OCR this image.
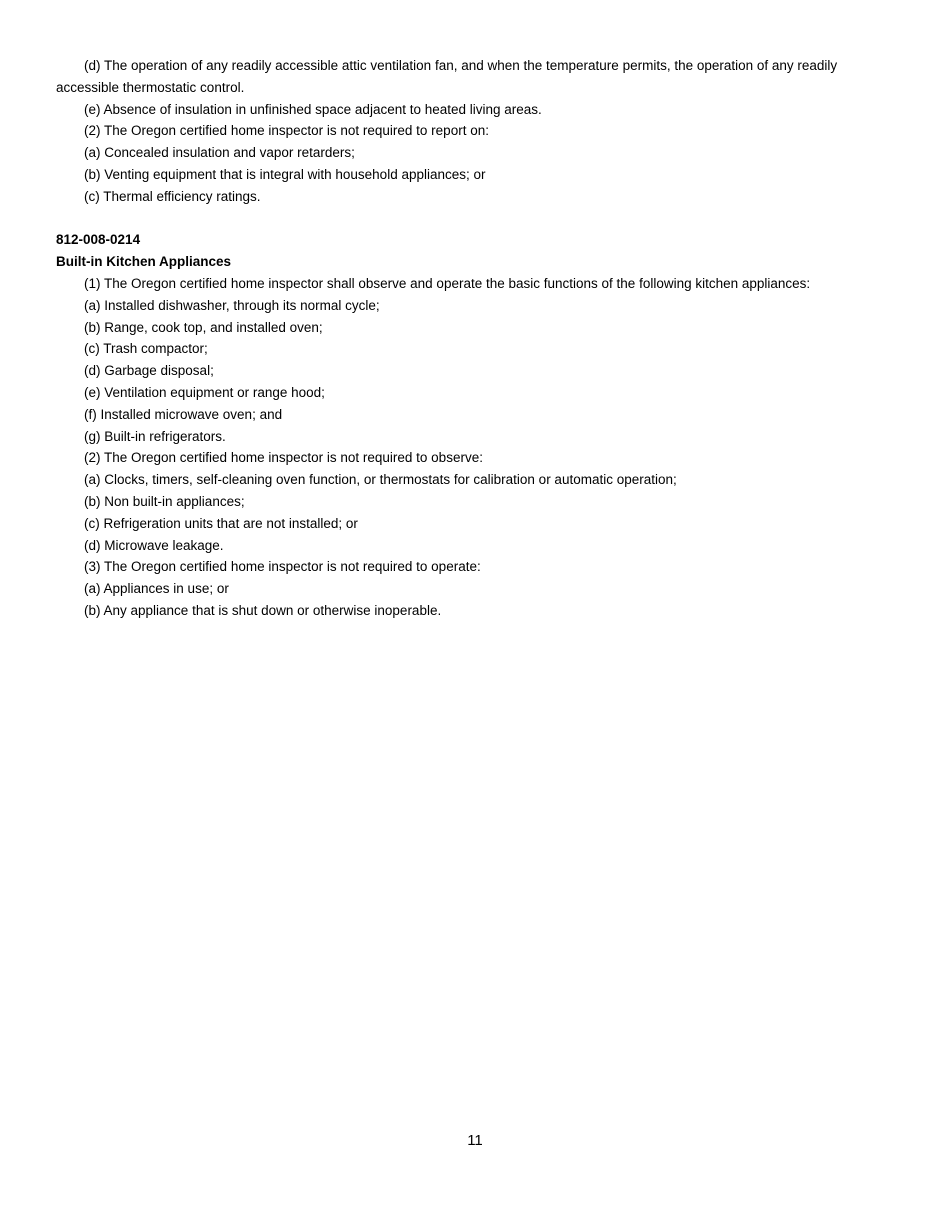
(d) The operation of any readily accessible attic ventilation fan, and when the temperature permits, the operation of any readily accessible thermostatic control.

(e) Absence of insulation in unfinished space adjacent to heated living areas.

(2) The Oregon certified home inspector is not required to report on:

(a) Concealed insulation and vapor retarders;

(b) Venting equipment that is integral with household appliances; or

(c) Thermal efficiency ratings.

812-008-0214

Built-in Kitchen Appliances

(1) The Oregon certified home inspector shall observe and operate the basic functions of the following kitchen appliances:

(a) Installed dishwasher, through its normal cycle;

(b) Range, cook top, and installed oven;

(c) Trash compactor;

(d) Garbage disposal;

(e) Ventilation equipment or range hood;

(f) Installed microwave oven; and

(g) Built-in refrigerators.

(2) The Oregon certified home inspector is not required to observe:

(a) Clocks, timers, self-cleaning oven function, or thermostats for calibration or automatic operation;

(b) Non built-in appliances;

(c) Refrigeration units that are not installed; or

(d) Microwave leakage.

(3) The Oregon certified home inspector is not required to operate:

(a) Appliances in use; or

(b) Any appliance that is shut down or otherwise inoperable.

11
